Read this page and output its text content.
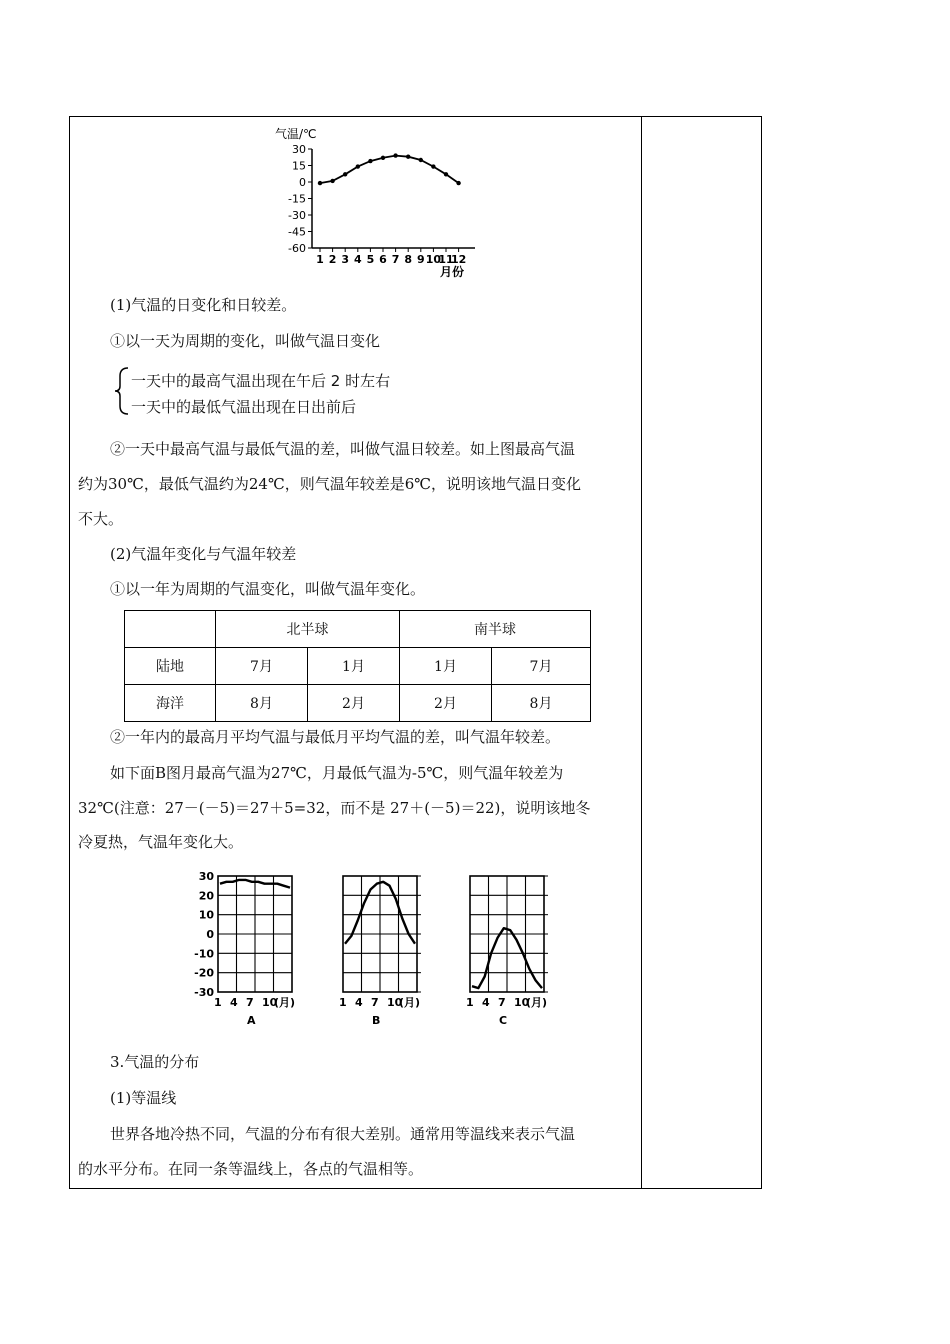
气温/℃
30
15
0
-15
-30
-45
-60
1 2 3 4 5 6 7 8 9 10
11
12
月份
(1)气温的日变化和日较差。
①以一天为周期的变化，叫做气温日变化
一天中的最高气温出现在午后 2 时左右
一天中的最低气温出现在日出前后
②一天中最高气温与最低气温的差，叫做气温日较差。如上图最高气温
约为30℃，最低气温约为24℃，则气温年较差是6℃，说明该地气温日变化
不大。
(2)气温年变化与气温年较差
①以一年为周期的气温变化，叫做气温年变化。
	北半球		南半球	
陆地	7月	1月	1月	7月
海洋	8月	2月	2月	8月
②一年内的最高月平均气温与最低月平均气温的差，叫气温年较差。
如下面B图月最高气温为27℃，月最低气温为-5℃，则气温年较差为
32℃(注意：27－(－5)＝27＋5=32，而不是 27＋(－5)＝22)，说明该地冬
冷夏热，气温年变化大。
30
20
10
0
-10
-20
-30
1 4 7 10
(月)
A
1 4 7 10
(月)
B
1 4 7 10
(月)
C
3.气温的分布
(1)等温线
世界各地冷热不同，气温的分布有很大差别。通常用等温线来表示气温
的水平分布。在同一条等温线上，各点的气温相等。
